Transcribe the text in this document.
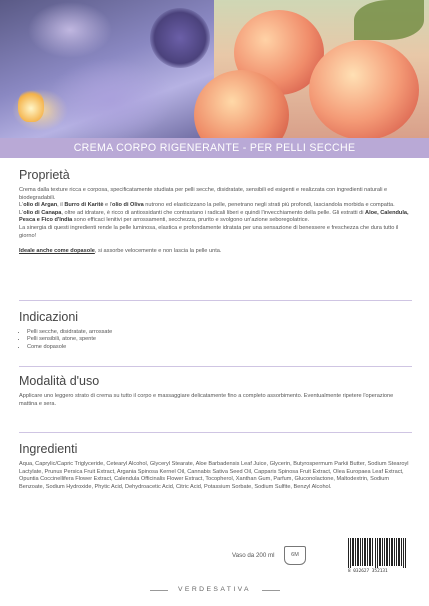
CREMA CORPO RIGENERANTE - PER PELLI SECCHE
Proprietà

Crema dalla texture ricca e corposa, specificatamente studiata per pelli secche, disidratate, sensibili ed esigenti e realizzata con ingredienti naturali e biodegradabili.

L'olio di Argan, il Burro di Karitè e l'olio di Oliva nutrono ed elasticizzano la pelle, penetrano negli strati più profondi, lasciandola morbida e compatta.

L'olio di Canapa, oltre ad idratare, è ricco di antiossidanti che contrastano i radicali liberi e quindi l'invecchiamento della pelle. Gli estratti di Aloe, Calendula, Pesca e Fico d'India sono efficaci lenitivi per arrossamenti, secchezza, prurito e svolgono un'azione seboregolatrice.

La sinergia di questi ingredienti rende la pelle luminosa, elastica e profondamente idratata per una sensazione di benessere e freschezza che dura tutto il giorno!

Ideale anche come dopasole, si assorbe velocemente e non lascia la pelle unta.

Indicazioni
• Pelli secche, disidratate, arrossate
• Pelli sensibili, atone, spente
• Come dopasole
Modalità d'uso

Applicare uno leggero strato di crema su tutto il corpo e massaggiare delicatamente fino a completo assorbimento. Eventualmente ripetere l'operazione mattina e sera.

Ingredienti

Aqua, Caprylic/Capric Triglyceride, Cetearyl Alcohol, Glyceryl Stearate, Aloe Barbadensis Leaf Juice, Glycerin, Butyrospermum Parkii Butter, Sodium Stearoyl Lactylate, Prunus Persica Fruit Extract, Argania Spinosa Kernel Oil, Cannabis Sativa Seed Oil, Capparis Spinosa Fruit Extract, Olea Europaea Leaf Extract, Opuntia Coccinellifera Flower Extract, Calendula Officinalis Flower Extract, Tocopherol, Xanthan Gum, Parfum, Gluconolactone, Maltodextrin, Sodium Benzoate, Sodium Hydroxide, Phytic Acid, Dehydroacetic Acid, Citric Acid, Potassium Sorbate, Sodium Sulfite, Benzyl Alcohol.

Vaso da 200 ml	6M
8 032627 352131
VERDESATIVA
